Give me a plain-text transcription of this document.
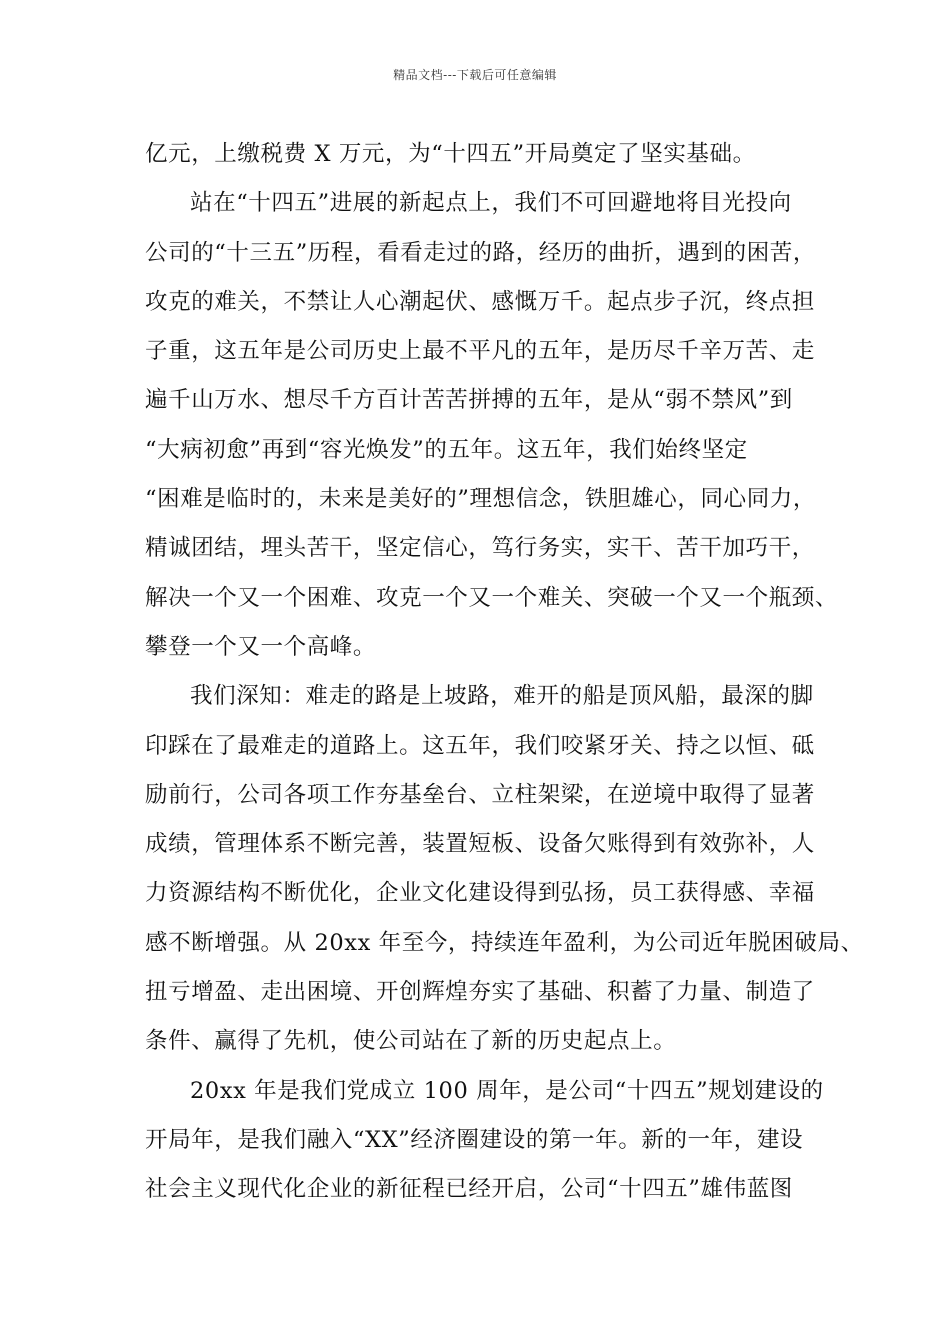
精品文档---下载后可任意编辑
亿元，上缴税费 X 万元，为“十四五”开局奠定了坚实基础。
站在“十四五”进展的新起点上，我们不可回避地将目光投向
公司的“十三五”历程，看看走过的路，经历的曲折，遇到的困苦，
攻克的难关，不禁让人心潮起伏、感慨万千。起点步子沉，终点担
子重，这五年是公司历史上最不平凡的五年，是历尽千辛万苦、走
遍千山万水、想尽千方百计苦苦拼搏的五年，是从“弱不禁风”到
“大病初愈”再到“容光焕发”的五年。这五年，我们始终坚定
“困难是临时的，未来是美好的”理想信念，铁胆雄心，同心同力，
精诚团结，埋头苦干，坚定信心，笃行务实，实干、苦干加巧干，
解决一个又一个困难、攻克一个又一个难关、突破一个又一个瓶颈、
攀登一个又一个高峰。
我们深知：难走的路是上坡路，难开的船是顶风船，最深的脚
印踩在了最难走的道路上。这五年，我们咬紧牙关、持之以恒、砥
励前行，公司各项工作夯基垒台、立柱架梁，在逆境中取得了显著
成绩，管理体系不断完善，装置短板、设备欠账得到有效弥补，人
力资源结构不断优化，企业文化建设得到弘扬，员工获得感、幸福
感不断增强。从 20xx 年至今，持续连年盈利，为公司近年脱困破局、
扭亏增盈、走出困境、开创辉煌夯实了基础、积蓄了力量、制造了
条件、赢得了先机，使公司站在了新的历史起点上。
20xx 年是我们党成立 100 周年，是公司“十四五”规划建设的
开局年，是我们融入“XX”经济圈建设的第一年。新的一年，建设
社会主义现代化企业的新征程已经开启，公司“十四五”雄伟蓝图
